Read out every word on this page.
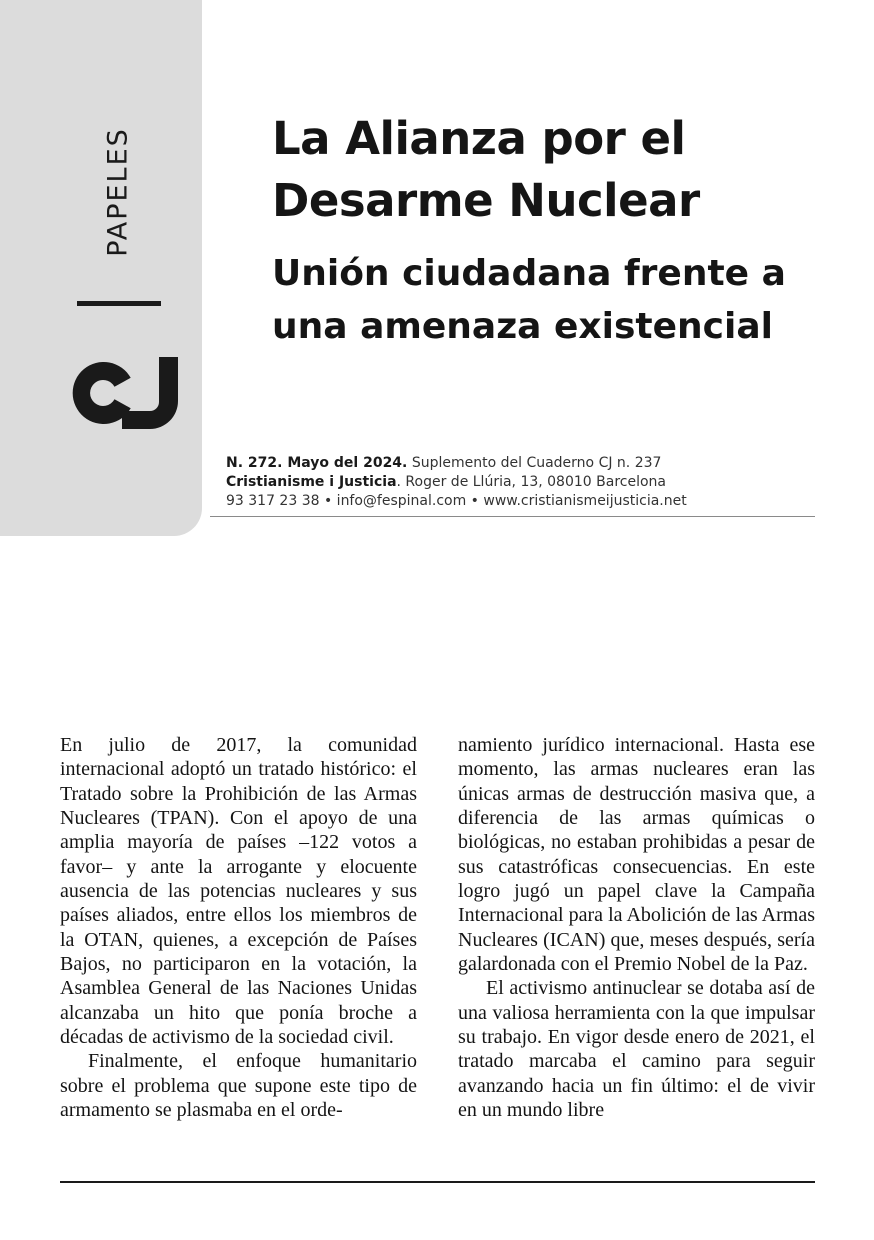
PAPELES	La Alianza por el
Desarme Nuclear
Unión ciudadana frente a
una amenaza existencial
N. 272. Mayo del 2024. Suplemento del Cuaderno CJ n. 237
Cristianisme i Justicia. Roger de Llúria, 13, 08010 Barcelona
93 317 23 38 • info@fespinal.com • www.cristianismeijusticia.net

En julio de 2017, la comunidad internacional adoptó un tratado histórico: el Tratado sobre la Prohibición de las Armas Nucleares (TPAN). Con el apoyo de una amplia mayoría de países –122 votos a favor– y ante la arrogante y elocuente ausencia de las potencias nucleares y sus países aliados, entre ellos los miembros de la OTAN, quienes, a excepción de Países Bajos, no participaron en la votación, la Asamblea General de las Naciones Unidas alcanzaba un hito que ponía broche a décadas de activismo de la sociedad civil.

Finalmente, el enfoque humanitario sobre el problema que supone este tipo de armamento se plasmaba en el orde-

namiento jurídico internacional. Hasta ese momento, las armas nucleares eran las únicas armas de destrucción masiva que, a diferencia de las armas químicas o biológicas, no estaban prohibidas a pesar de sus catastróficas consecuencias. En este logro jugó un papel clave la Campaña Internacional para la Abolición de las Armas Nucleares (ICAN) que, meses después, sería galardonada con el Premio Nobel de la Paz.

El activismo antinuclear se dotaba así de una valiosa herramienta con la que impulsar su trabajo. En vigor desde enero de 2021, el tratado marcaba el camino para seguir avanzando hacia un fin último: el de vivir en un mundo libre
